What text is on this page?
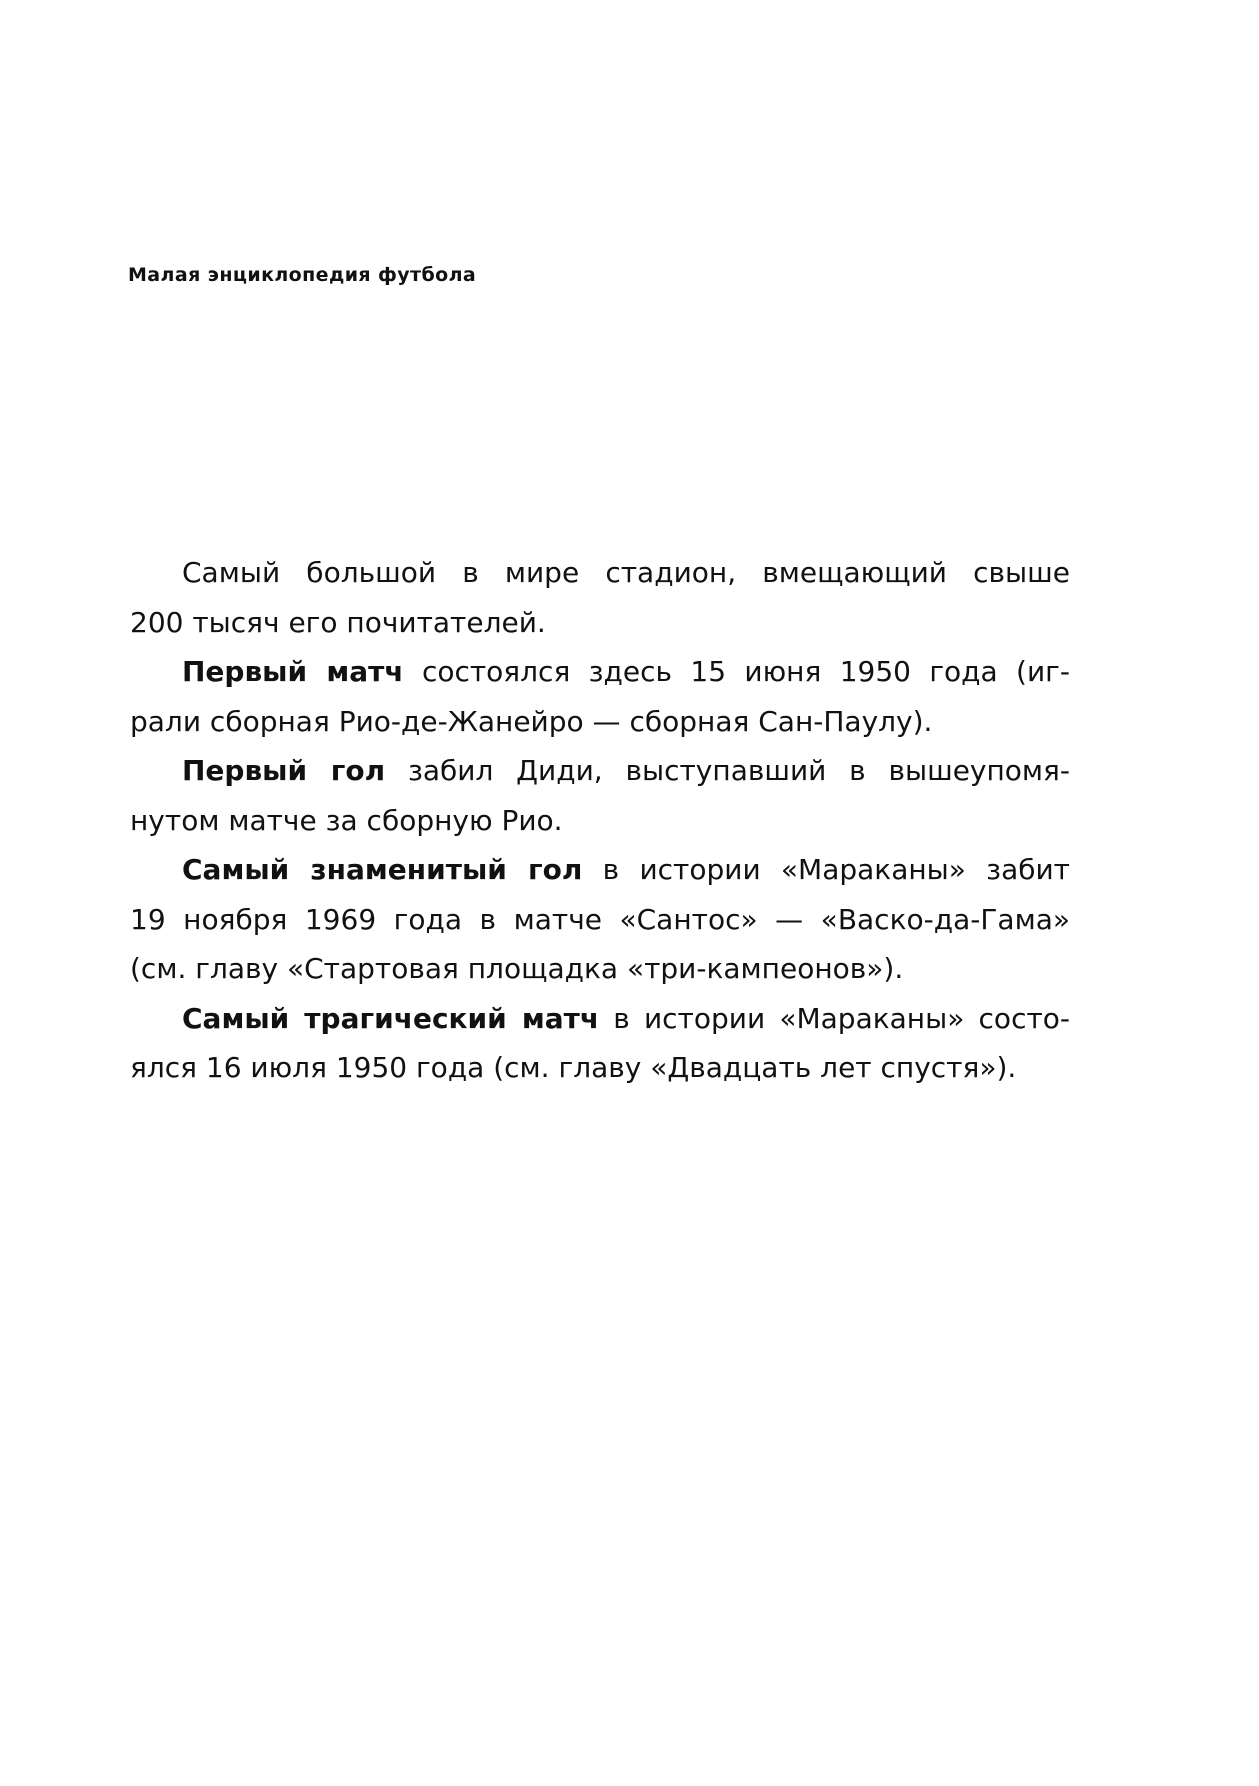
Малая энциклопедия футбола

Самый большой в мире стадион, вмещающий свыше
200 тысяч его почитателей.

Первый матч состоялся здесь 15 июня 1950 года (иг-
рали сборная Рио-де-Жанейро — сборная Сан-Паулу).

Первый гол забил Диди, выступавший в вышеупомя-
нутом матче за сборную Рио.

Самый знаменитый гол в истории «Мараканы» забит
19 ноября 1969 года в матче «Сантос» — «Васко-да-Гама»
(см. главу «Стартовая площадка «три-кампеонов»).

Самый трагический матч в истории «Мараканы» состо-
ялся 16 июля 1950 года (см. главу «Двадцать лет спустя»).
